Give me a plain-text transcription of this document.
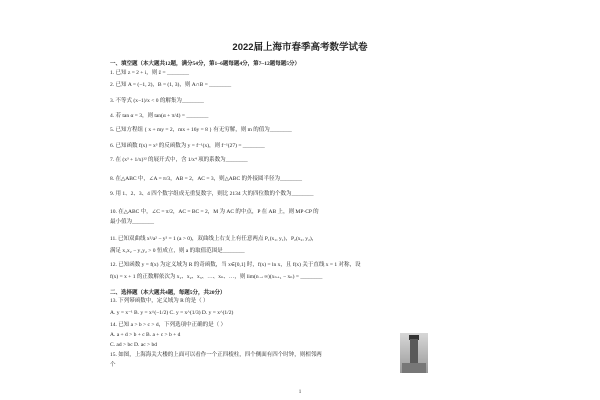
2022届上海市春季高考数学试卷
一、填空题（本大题共12题，满分54分，第1~6题每题4分，第7~12题每题5分）
1. 已知 z = 2 + i，则 z̄ = ________
2. 已知 A = (−1, 2)，B = (1, 3)，则 A∩B = ________
3. 不等式 (x−1)/x < 0 的解集为________
4. 若 tan α = 3，则 tan(α + π/4) = ________
5. 已知方程组 { x + my = 2，mx + 16y = 8 } 有无穷解，则 m 的值为________
6. 已知函数 f(x) = x³ 的反函数为 y = f⁻¹(x)，则 f⁻¹(27) = ________
7. 在 (x³ + 1/x)¹² 的展开式中，含 1/x⁴ 项的系数为________
8. 在△ABC 中，∠A = π/3，AB = 2，AC = 3，则△ABC 的外接圆半径为________
9. 用 1、2、3、4 四个数字组成无重复数字，则比 2134 大的四位数的个数为________
10. 在△ABC 中，∠C = π/2，AC = BC = 2，M 为 AC 的中点，P 在 AB 上，则 MP·CP 的
最小值为________
11. 已知双曲线 x²/a² − y² = 1 (a > 0)，双曲线上右支上有任意两点 P₁(x₁, y₁)，P₂(x₂, y₂)，
满足 x₁x₂ − y₁y₂ > 0 恒成立，则 a 的取值范围是________
12. 已知函数 y = f(x) 为定义域为 R 的奇函数，当 x∈[0,1] 时，f(x) = ln x，且 f(x) 关于直线 x = 1 对称，设
f(x) = x + 1 的正数解依次为 x₁、x₂、x₃、…、xₙ、…，则 lim(n→∞)(xₙ₊₁ − xₙ) = ________
二、选择题（本大题共4题，每题5分，共20分）
13. 下列幂函数中，定义域为 R 的是（ ）
A. y = x⁻¹ B. y = x^(−1/2) C. y = x^(1/3) D. y = x^(1/2)
14. 已知 a > b > c > d，下列选项中正确的是（ ）
A. a + d > b + c B. a + c > b + d
C. ad > bc D. ac > bd
15. 如图，上海海关大楼的上面可以看作一个正四棱柱，四个侧面有四个时钟，则相邻两
个
1
